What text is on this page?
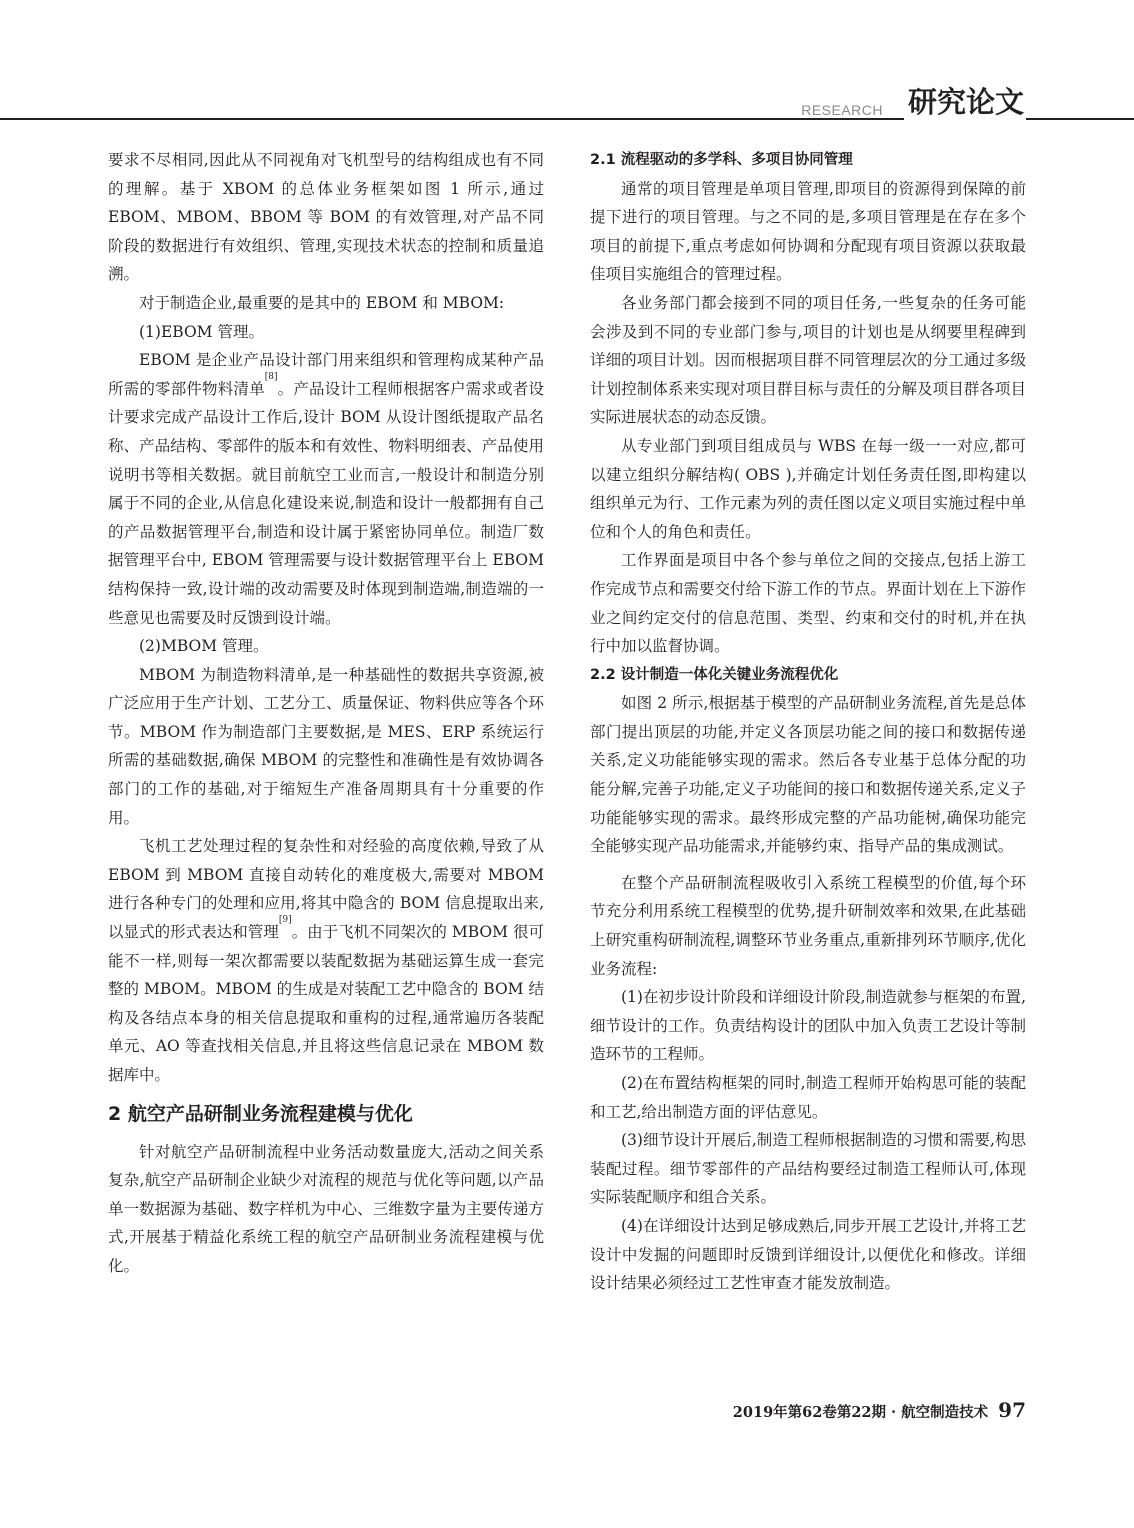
RESEARCH 研究论文

要求不尽相同,因此从不同视角对飞机型号的结构组成也有不同的理解。基于 XBOM 的总体业务框架如图 1 所示,通过 EBOM、MBOM、BBOM 等 BOM 的有效管理,对产品不同阶段的数据进行有效组织、管理,实现技术状态的控制和质量追溯。

对于制造企业,最重要的是其中的 EBOM 和 MBOM:

(1)EBOM 管理。

EBOM 是企业产品设计部门用来组织和管理构成某种产品所需的零部件物料清单[8]。产品设计工程师根据客户需求或者设计要求完成产品设计工作后,设计 BOM 从设计图纸提取产品名称、产品结构、零部件的版本和有效性、物料明细表、产品使用说明书等相关数据。就目前航空工业而言,一般设计和制造分别属于不同的企业,从信息化建设来说,制造和设计一般都拥有自己的产品数据管理平台,制造和设计属于紧密协同单位。制造厂数据管理平台中, EBOM 管理需要与设计数据管理平台上 EBOM 结构保持一致,设计端的改动需要及时体现到制造端,制造端的一些意见也需要及时反馈到设计端。

(2)MBOM 管理。

MBOM 为制造物料清单,是一种基础性的数据共享资源,被广泛应用于生产计划、工艺分工、质量保证、物料供应等各个环节。MBOM 作为制造部门主要数据,是 MES、ERP 系统运行所需的基础数据,确保 MBOM 的完整性和准确性是有效协调各部门的工作的基础,对于缩短生产准备周期具有十分重要的作用。

飞机工艺处理过程的复杂性和对经验的高度依赖,导致了从 EBOM 到 MBOM 直接自动转化的难度极大,需要对 MBOM 进行各种专门的处理和应用,将其中隐含的 BOM 信息提取出来,以显式的形式表达和管理[9]。由于飞机不同架次的 MBOM 很可能不一样,则每一架次都需要以装配数据为基础运算生成一套完整的 MBOM。MBOM 的生成是对装配工艺中隐含的 BOM 结构及各结点本身的相关信息提取和重构的过程,通常遍历各装配单元、AO 等查找相关信息,并且将这些信息记录在 MBOM 数据库中。

2 航空产品研制业务流程建模与优化

针对航空产品研制流程中业务活动数量庞大,活动之间关系复杂,航空产品研制企业缺少对流程的规范与优化等问题,以产品单一数据源为基础、数字样机为中心、三维数字量为主要传递方式,开展基于精益化系统工程的航空产品研制业务流程建模与优化。

2.1 流程驱动的多学科、多项目协同管理

通常的项目管理是单项目管理,即项目的资源得到保障的前提下进行的项目管理。与之不同的是,多项目管理是在存在多个项目的前提下,重点考虑如何协调和分配现有项目资源以获取最佳项目实施组合的管理过程。

各业务部门都会接到不同的项目任务,一些复杂的任务可能会涉及到不同的专业部门参与,项目的计划也是从纲要里程碑到详细的项目计划。因而根据项目群不同管理层次的分工通过多级计划控制体系来实现对项目群目标与责任的分解及项目群各项目实际进展状态的动态反馈。

从专业部门到项目组成员与 WBS 在每一级一一对应,都可以建立组织分解结构( OBS ),并确定计划任务责任图,即构建以组织单元为行、工作元素为列的责任图以定义项目实施过程中单位和个人的角色和责任。

工作界面是项目中各个参与单位之间的交接点,包括上游工作完成节点和需要交付给下游工作的节点。界面计划在上下游作业之间约定交付的信息范围、类型、约束和交付的时机,并在执行中加以监督协调。

2.2 设计制造一体化关键业务流程优化

如图 2 所示,根据基于模型的产品研制业务流程,首先是总体部门提出顶层的功能,并定义各顶层功能之间的接口和数据传递关系,定义功能能够实现的需求。然后各专业基于总体分配的功能分解,完善子功能,定义子功能间的接口和数据传递关系,定义子功能能够实现的需求。最终形成完整的产品功能树,确保功能完全能够实现产品功能需求,并能够约束、指导产品的集成测试。

在整个产品研制流程吸收引入系统工程模型的价值,每个环节充分利用系统工程模型的优势,提升研制效率和效果,在此基础上研究重构研制流程,调整环节业务重点,重新排列环节顺序,优化业务流程:

(1)在初步设计阶段和详细设计阶段,制造就参与框架的布置,细节设计的工作。负责结构设计的团队中加入负责工艺设计等制造环节的工程师。

(2)在布置结构框架的同时,制造工程师开始构思可能的装配和工艺,给出制造方面的评估意见。

(3)细节设计开展后,制造工程师根据制造的习惯和需要,构思装配过程。细节零部件的产品结构要经过制造工程师认可,体现实际装配顺序和组合关系。

(4)在详细设计达到足够成熟后,同步开展工艺设计,并将工艺设计中发掘的问题即时反馈到详细设计,以便优化和修改。详细设计结果必须经过工艺性审查才能发放制造。

2019年第62卷第22期 · 航空制造技术 97
